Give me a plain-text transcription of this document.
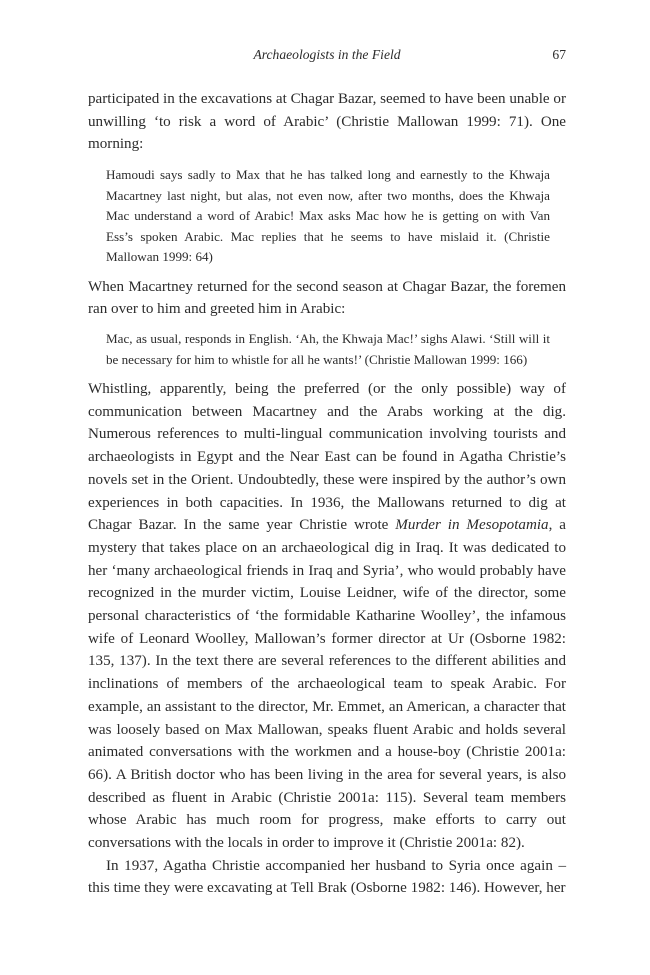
Archaeologists in the Field	67

participated in the excavations at Chagar Bazar, seemed to have been unable or unwilling ‘to risk a word of Arabic’ (Christie Mallowan 1999: 71). One morning:

Hamoudi says sadly to Max that he has talked long and earnestly to the Khwaja Macartney last night, but alas, not even now, after two months, does the Khwaja Mac understand a word of Arabic! Max asks Mac how he is getting on with Van Ess’s spoken Arabic. Mac replies that he seems to have mislaid it. (Christie Mallowan 1999: 64)

When Macartney returned for the second season at Chagar Bazar, the foremen ran over to him and greeted him in Arabic:

Mac, as usual, responds in English. ‘Ah, the Khwaja Mac!’ sighs Alawi. ‘Still will it be necessary for him to whistle for all he wants!’ (Christie Mallowan 1999: 166)

Whistling, apparently, being the preferred (or the only possible) way of communication between Macartney and the Arabs working at the dig. Numerous references to multi-lingual communication involving tourists and archaeologists in Egypt and the Near East can be found in Agatha Christie’s novels set in the Orient. Undoubtedly, these were inspired by the author’s own experiences in both capacities. In 1936, the Mallowans returned to dig at Chagar Bazar. In the same year Christie wrote Murder in Mesopotamia, a mystery that takes place on an archaeological dig in Iraq. It was dedicated to her ‘many archaeological friends in Iraq and Syria’, who would probably have recognized in the murder victim, Louise Leidner, wife of the director, some personal characteristics of ‘the formidable Katharine Woolley’, the infamous wife of Leonard Woolley, Mallowan’s former director at Ur (Osborne 1982: 135, 137). In the text there are several references to the different abilities and inclinations of members of the archaeological team to speak Arabic. For example, an assistant to the director, Mr. Emmet, an American, a character that was loosely based on Max Mallowan, speaks fluent Arabic and holds several animated conversations with the workmen and a house-boy (Christie 2001a: 66). A British doctor who has been living in the area for several years, is also described as fluent in Arabic (Christie 2001a: 115). Several team members whose Arabic has much room for progress, make efforts to carry out conversations with the locals in order to improve it (Christie 2001a: 82).

In 1937, Agatha Christie accompanied her husband to Syria once again – this time they were excavating at Tell Brak (Osborne 1982: 146). However, her
